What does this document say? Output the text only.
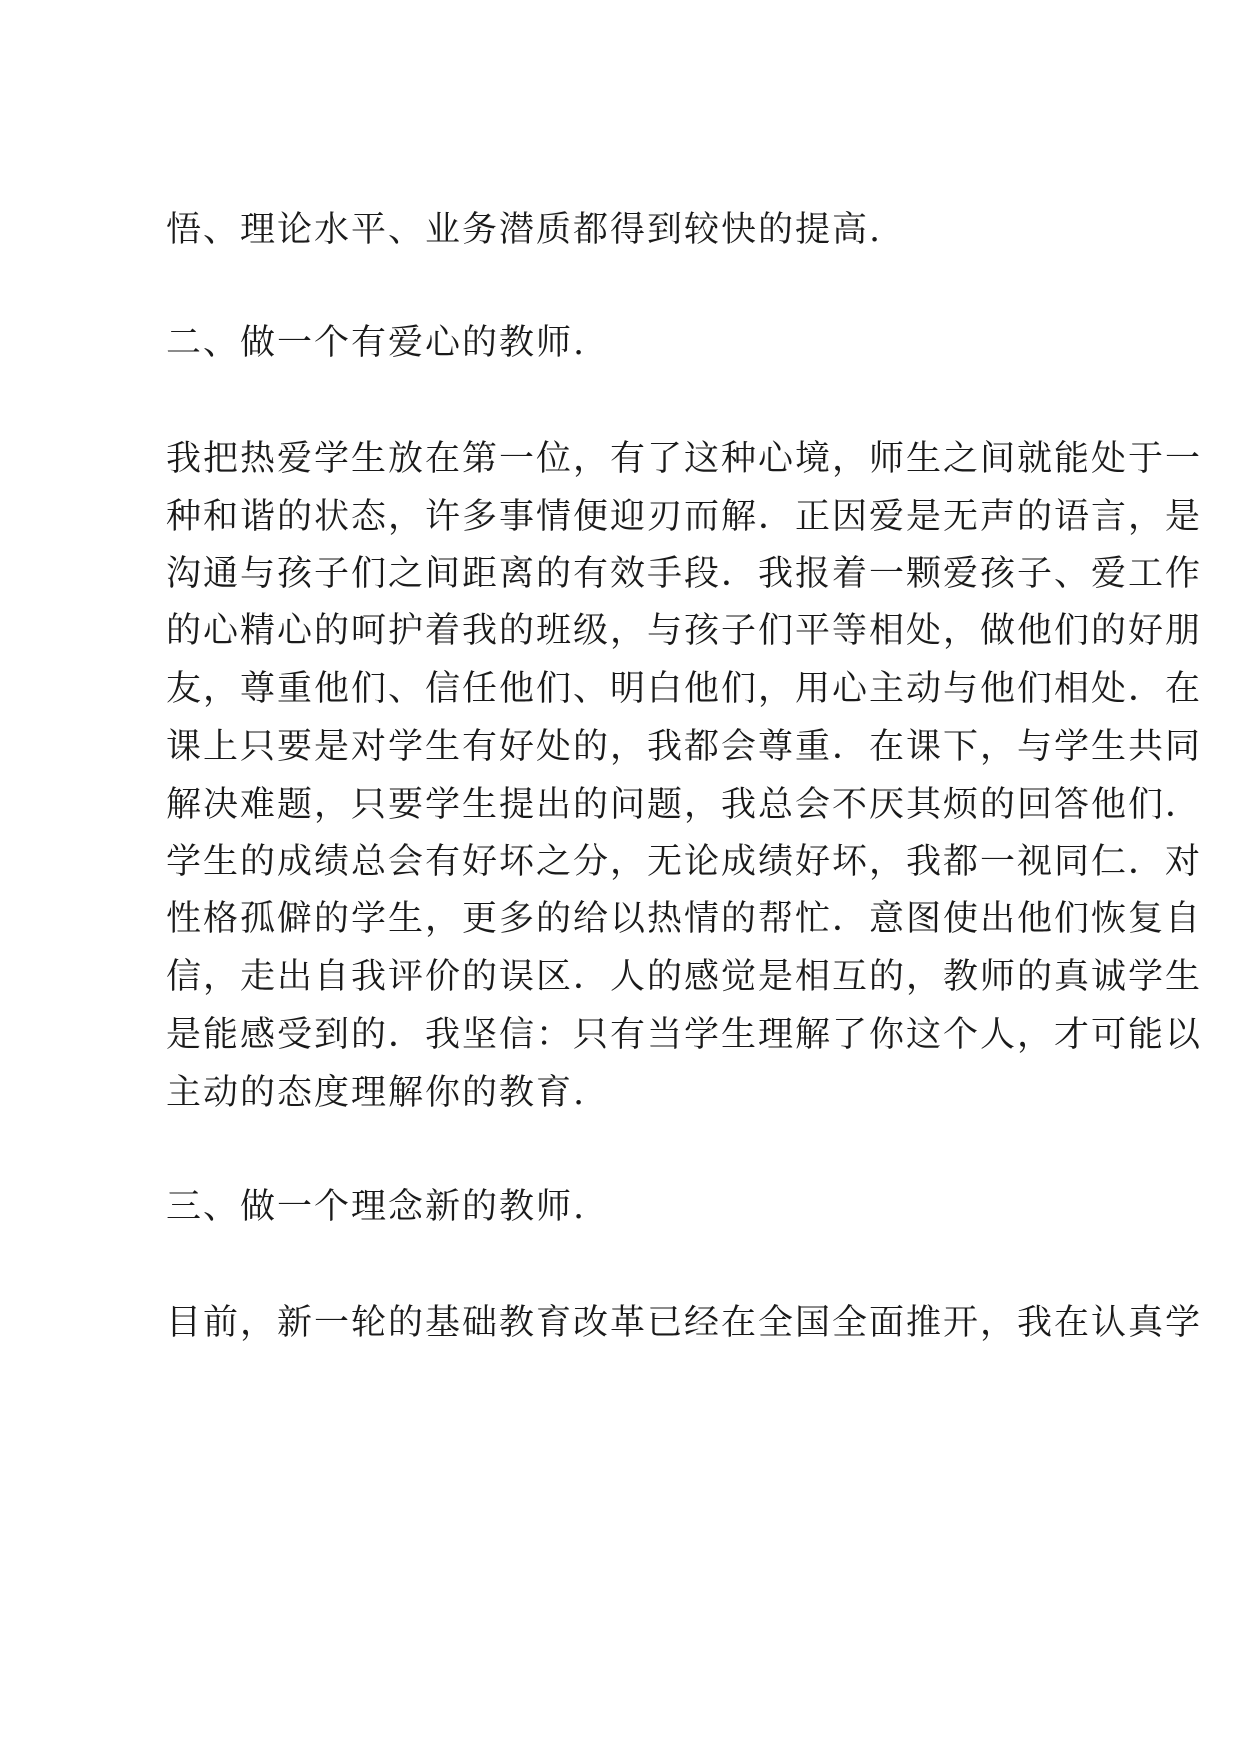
悟、理论水平、业务潜质都得到较快的提高.
二、做一个有爱心的教师.
我把热爱学生放在第一位，有了这种心境，师生之间就能处于一
种和谐的状态，许多事情便迎刃而解．正因爱是无声的语言，是
沟通与孩子们之间距离的有效手段．我报着一颗爱孩子、爱工作
的心精心的呵护着我的班级，与孩子们平等相处，做他们的好朋
友，尊重他们、信任他们、明白他们，用心主动与他们相处．在
课上只要是对学生有好处的，我都会尊重．在课下，与学生共同
解决难题，只要学生提出的问题，我总会不厌其烦的回答他们．
学生的成绩总会有好坏之分，无论成绩好坏，我都一视同仁．对
性格孤僻的学生，更多的给以热情的帮忙．意图使出他们恢复自
信，走出自我评价的误区．人的感觉是相互的，教师的真诚学生
是能感受到的．我坚信：只有当学生理解了你这个人，才可能以
主动的态度理解你的教育.
三、做一个理念新的教师.
目前，新一轮的基础教育改革已经在全国全面推开，我在认真学
